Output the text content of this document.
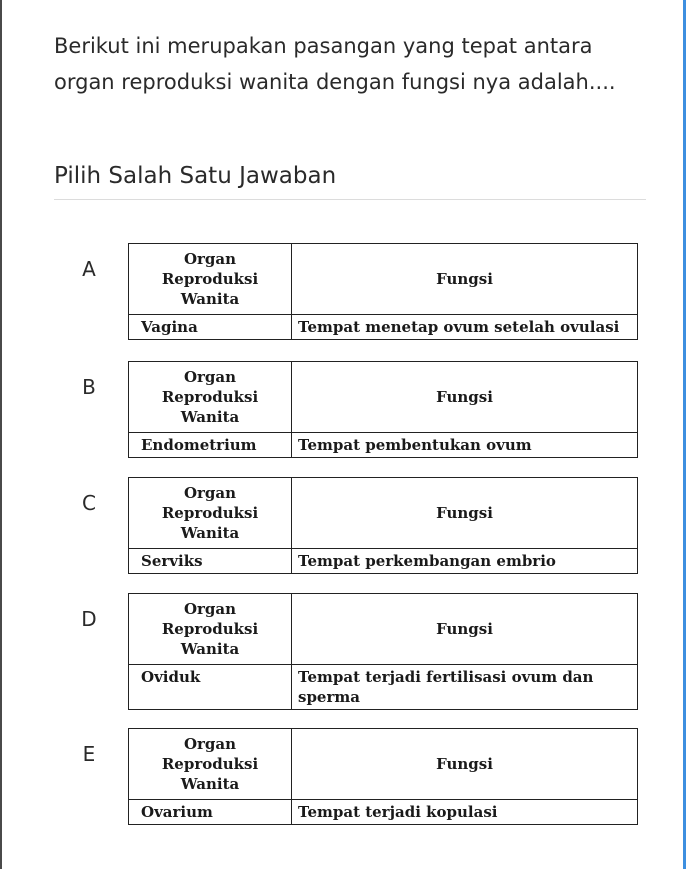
Berikut ini merupakan pasangan yang tepat antara organ reproduksi wanita dengan fungsi nya adalah....
Pilih Salah Satu Jawaban
A	Organ Reproduksi Wanita	Fungsi
Vagina	Tempat menetap ovum setelah ovulasi
B	Organ Reproduksi Wanita	Fungsi
Endometrium	Tempat pembentukan ovum
C	Organ Reproduksi Wanita	Fungsi
Serviks	Tempat perkembangan embrio
D	Organ Reproduksi Wanita	Fungsi
Oviduk	Tempat terjadi fertilisasi ovum dan sperma
E	Organ Reproduksi Wanita	Fungsi
Ovarium	Tempat terjadi kopulasi
